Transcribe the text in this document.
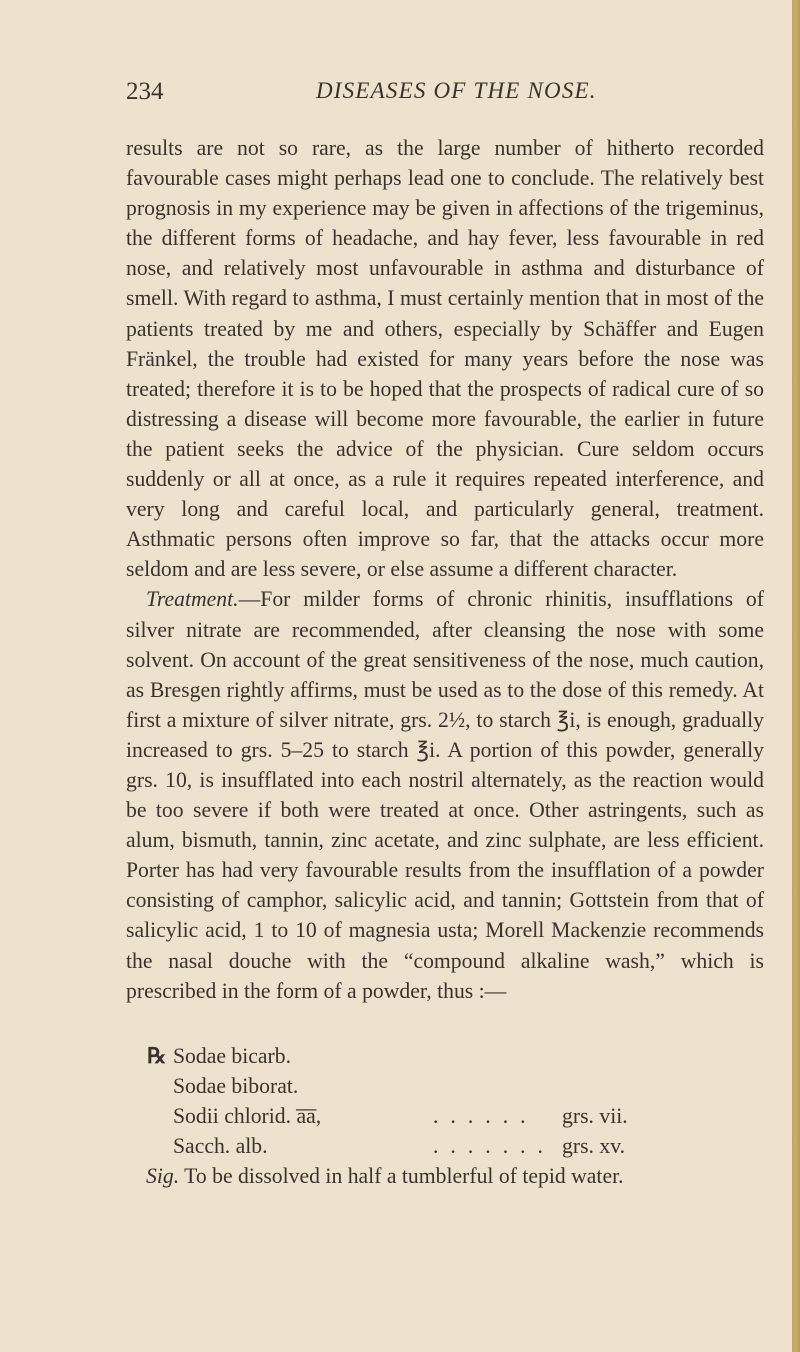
234	DISEASES OF THE NOSE.

results are not so rare, as the large number of hitherto recorded favourable cases might perhaps lead one to conclude. The relatively best prognosis in my experience may be given in affections of the trigeminus, the different forms of headache, and hay fever, less favourable in red nose, and relatively most unfavourable in asthma and disturbance of smell. With regard to asthma, I must certainly mention that in most of the patients treated by me and others, especially by Schäffer and Eugen Fränkel, the trouble had existed for many years before the nose was treated; therefore it is to be hoped that the prospects of radical cure of so distressing a disease will become more favourable, the earlier in future the patient seeks the advice of the physician. Cure seldom occurs suddenly or all at once, as a rule it requires repeated interference, and very long and careful local, and particularly general, treatment. Asthmatic persons often improve so far, that the attacks occur more seldom and are less severe, or else assume a different character.

Treatment.—For milder forms of chronic rhinitis, insufflations of silver nitrate are recommended, after cleansing the nose with some solvent. On account of the great sensitiveness of the nose, much caution, as Bresgen rightly affirms, must be used as to the dose of this remedy. At first a mixture of silver nitrate, grs. 2½, to starch ℥i, is enough, gradually increased to grs. 5–25 to starch ℥i. A portion of this powder, generally grs. 10, is insufflated into each nostril alternately, as the reaction would be too severe if both were treated at once. Other astringents, such as alum, bismuth, tannin, zinc acetate, and zinc sulphate, are less efficient. Porter has had very favourable results from the insufflation of a powder consisting of camphor, salicylic acid, and tannin; Gottstein from that of salicylic acid, 1 to 10 of magnesia usta; Morell Mackenzie recommends the nasal douche with the “compound alkaline wash,” which is prescribed in the form of a powder, thus :—

℞ Sodae bicarb.
Sodae biborat.
Sodii chlorid. a̅a̅,	...... grs. vii.
Sacch. alb.	....... grs. xv.
Sig. To be dissolved in half a tumblerful of tepid water.
